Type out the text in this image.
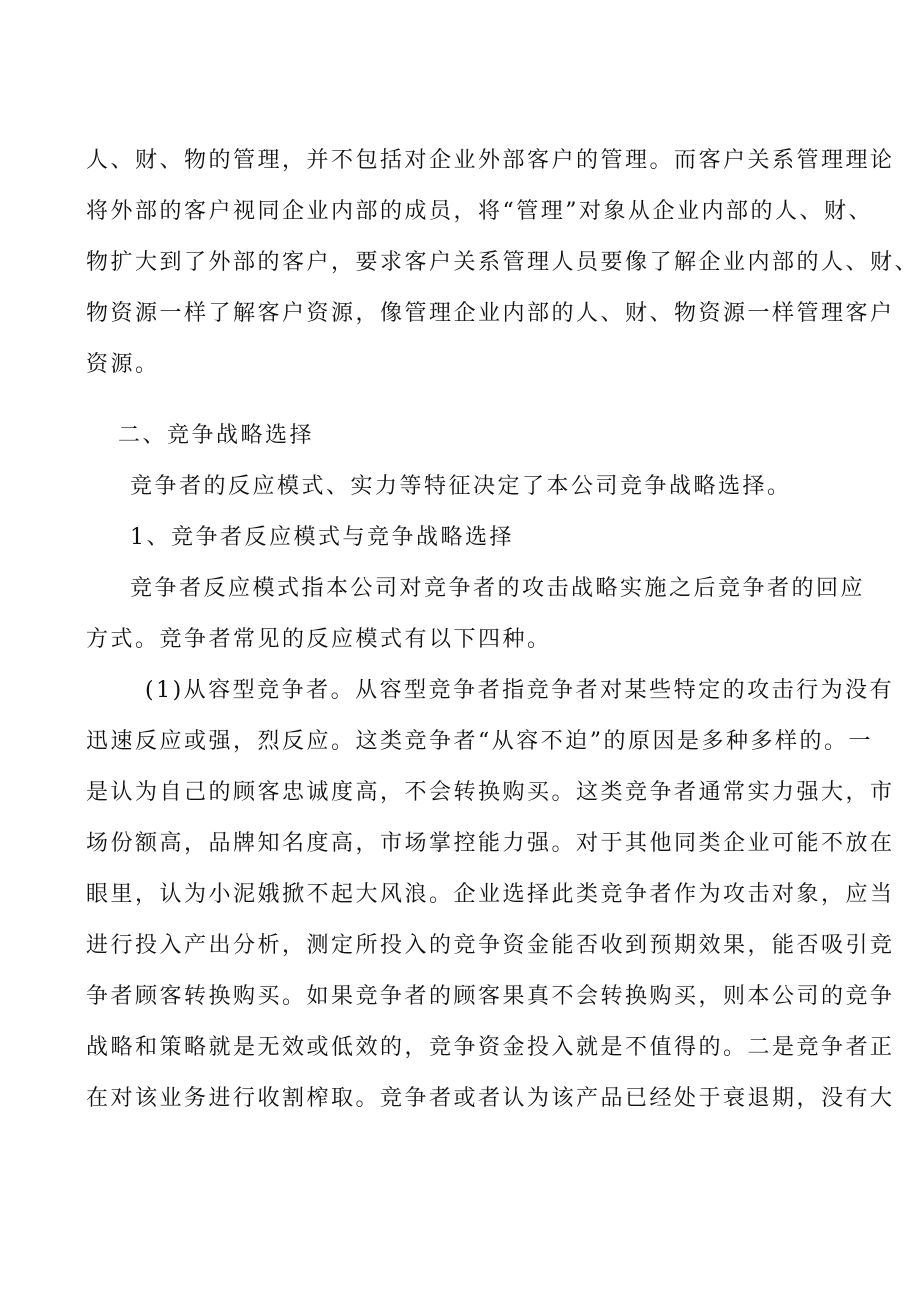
人、财、物的管理，并不包括对企业外部客户的管理。而客户关系管理理论
将外部的客户视同企业内部的成员，将“管理”对象从企业内部的人、财、
物扩大到了外部的客户，要求客户关系管理人员要像了解企业内部的人、财、
物资源一样了解客户资源，像管理企业内部的人、财、物资源一样管理客户
资源。
二、竞争战略选择
竞争者的反应模式、实力等特征决定了本公司竞争战略选择。
1、竞争者反应模式与竞争战略选择
竞争者反应模式指本公司对竞争者的攻击战略实施之后竞争者的回应
方式。竞争者常见的反应模式有以下四种。
(1)从容型竞争者。从容型竞争者指竞争者对某些特定的攻击行为没有
迅速反应或强，烈反应。这类竞争者“从容不迫”的原因是多种多样的。一
是认为自己的顾客忠诚度高，不会转换购买。这类竞争者通常实力强大，市
场份额高，品牌知名度高，市场掌控能力强。对于其他同类企业可能不放在
眼里，认为小泥娥掀不起大风浪。企业选择此类竞争者作为攻击对象，应当
进行投入产出分析，测定所投入的竞争资金能否收到预期效果，能否吸引竞
争者顾客转换购买。如果竞争者的顾客果真不会转换购买，则本公司的竞争
战略和策略就是无效或低效的，竞争资金投入就是不值得的。二是竞争者正
在对该业务进行收割榨取。竞争者或者认为该产品已经处于衰退期，没有大
